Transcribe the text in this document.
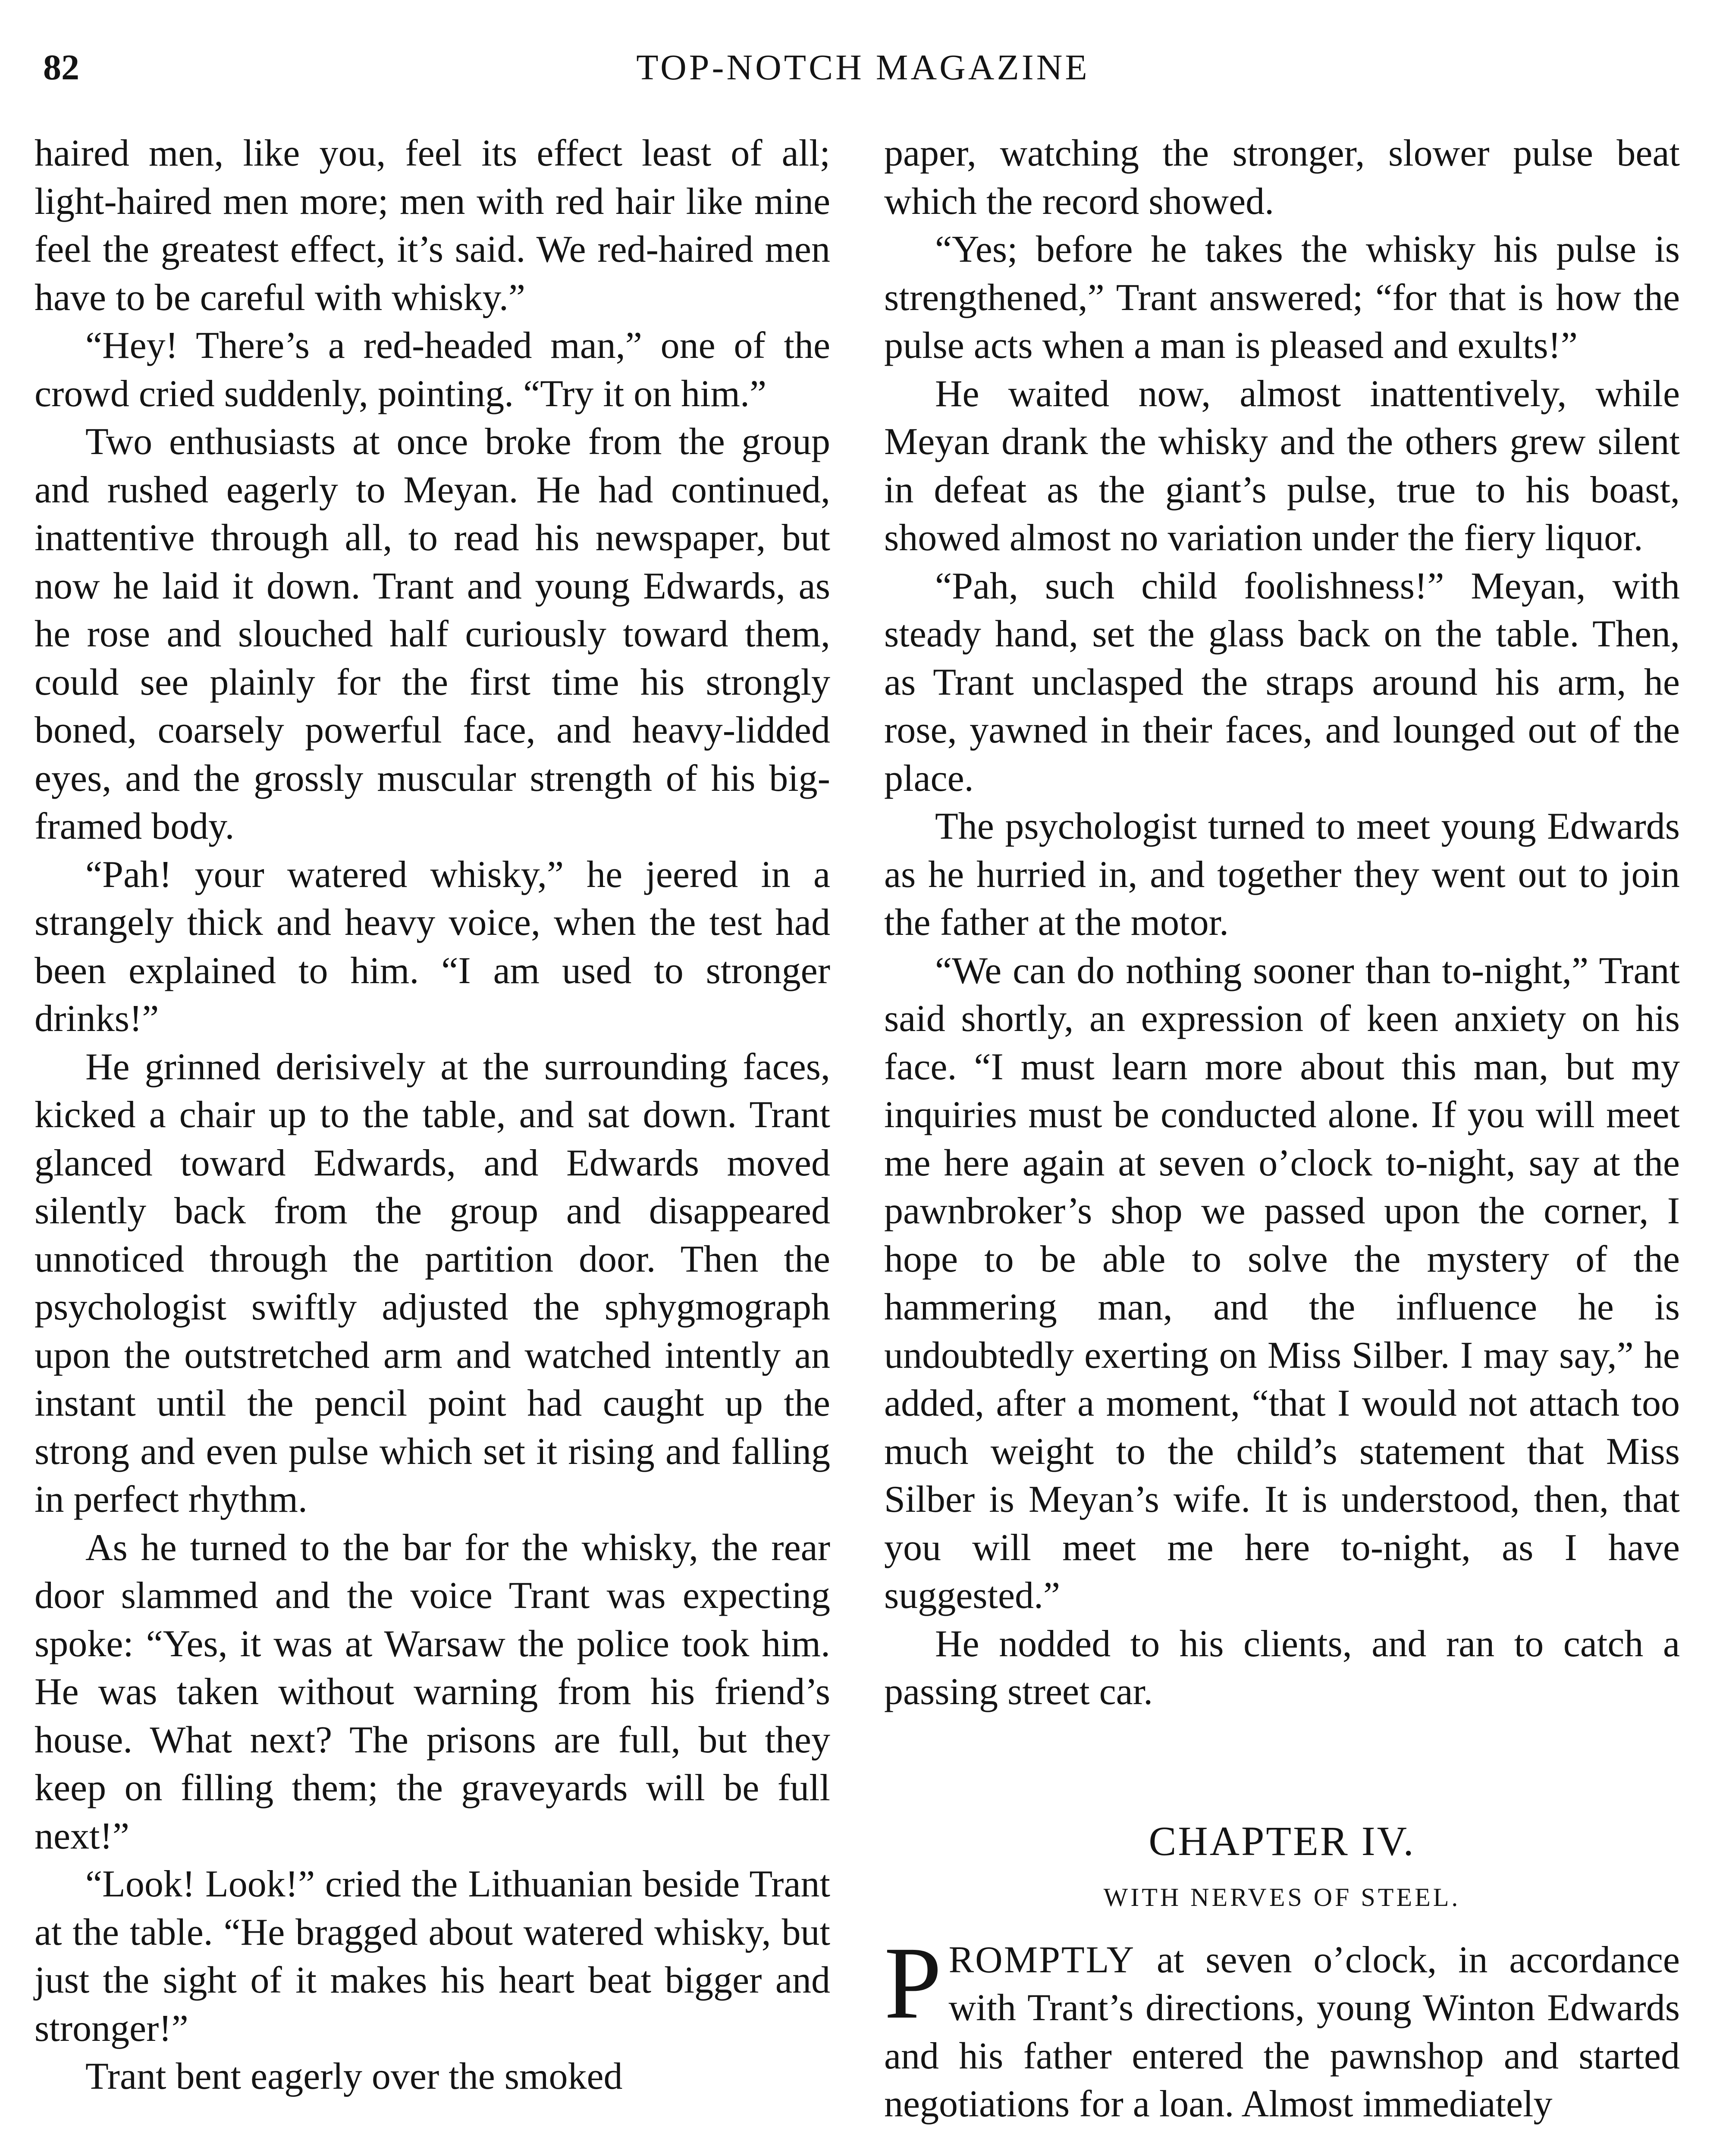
82	TOP-NOTCH MAGAZINE

haired men, like you, feel its effect least of all; light-haired men more; men with red hair like mine feel the greatest effect, it’s said. We red-haired men have to be careful with whisky.”

“Hey! There’s a red-headed man,” one of the crowd cried suddenly, pointing. “Try it on him.”

Two enthusiasts at once broke from the group and rushed eagerly to Meyan. He had continued, inattentive through all, to read his newspaper, but now he laid it down. Trant and young Edwards, as he rose and slouched half curiously toward them, could see plainly for the first time his strongly boned, coarsely powerful face, and heavy-lidded eyes, and the grossly muscular strength of his big-framed body.

“Pah! your watered whisky,” he jeered in a strangely thick and heavy voice, when the test had been explained to him. “I am used to stronger drinks!”

He grinned derisively at the surrounding faces, kicked a chair up to the table, and sat down. Trant glanced toward Edwards, and Edwards moved silently back from the group and disappeared unnoticed through the partition door. Then the psychologist swiftly adjusted the sphygmograph upon the outstretched arm and watched intently an instant until the pencil point had caught up the strong and even pulse which set it rising and falling in perfect rhythm.

As he turned to the bar for the whisky, the rear door slammed and the voice Trant was expecting spoke: “Yes, it was at Warsaw the police took him. He was taken without warning from his friend’s house. What next? The prisons are full, but they keep on filling them; the graveyards will be full next!”

“Look! Look!” cried the Lithuanian beside Trant at the table. “He bragged about watered whisky, but just the sight of it makes his heart beat bigger and stronger!”

Trant bent eagerly over the smoked

paper, watching the stronger, slower pulse beat which the record showed.

“Yes; before he takes the whisky his pulse is strengthened,” Trant answered; “for that is how the pulse acts when a man is pleased and exults!”

He waited now, almost inattentively, while Meyan drank the whisky and the others grew silent in defeat as the giant’s pulse, true to his boast, showed almost no variation under the fiery liquor.

“Pah, such child foolishness!” Meyan, with steady hand, set the glass back on the table. Then, as Trant unclasped the straps around his arm, he rose, yawned in their faces, and lounged out of the place.

The psychologist turned to meet young Edwards as he hurried in, and together they went out to join the father at the motor.

“We can do nothing sooner than to-night,” Trant said shortly, an expression of keen anxiety on his face. “I must learn more about this man, but my inquiries must be conducted alone. If you will meet me here again at seven o’clock to-night, say at the pawnbroker’s shop we passed upon the corner, I hope to be able to solve the mystery of the hammering man, and the influence he is undoubtedly exerting on Miss Silber. I may say,” he added, after a moment, “that I would not attach too much weight to the child’s statement that Miss Silber is Meyan’s wife. It is understood, then, that you will meet me here to-night, as I have suggested.”

He nodded to his clients, and ran to catch a passing street car.

CHAPTER IV.
WITH NERVES OF STEEL.

PROMPTLY at seven o’clock, in accordance with Trant’s directions, young Winton Edwards and his father entered the pawnshop and started negotiations for a loan. Almost immediately
